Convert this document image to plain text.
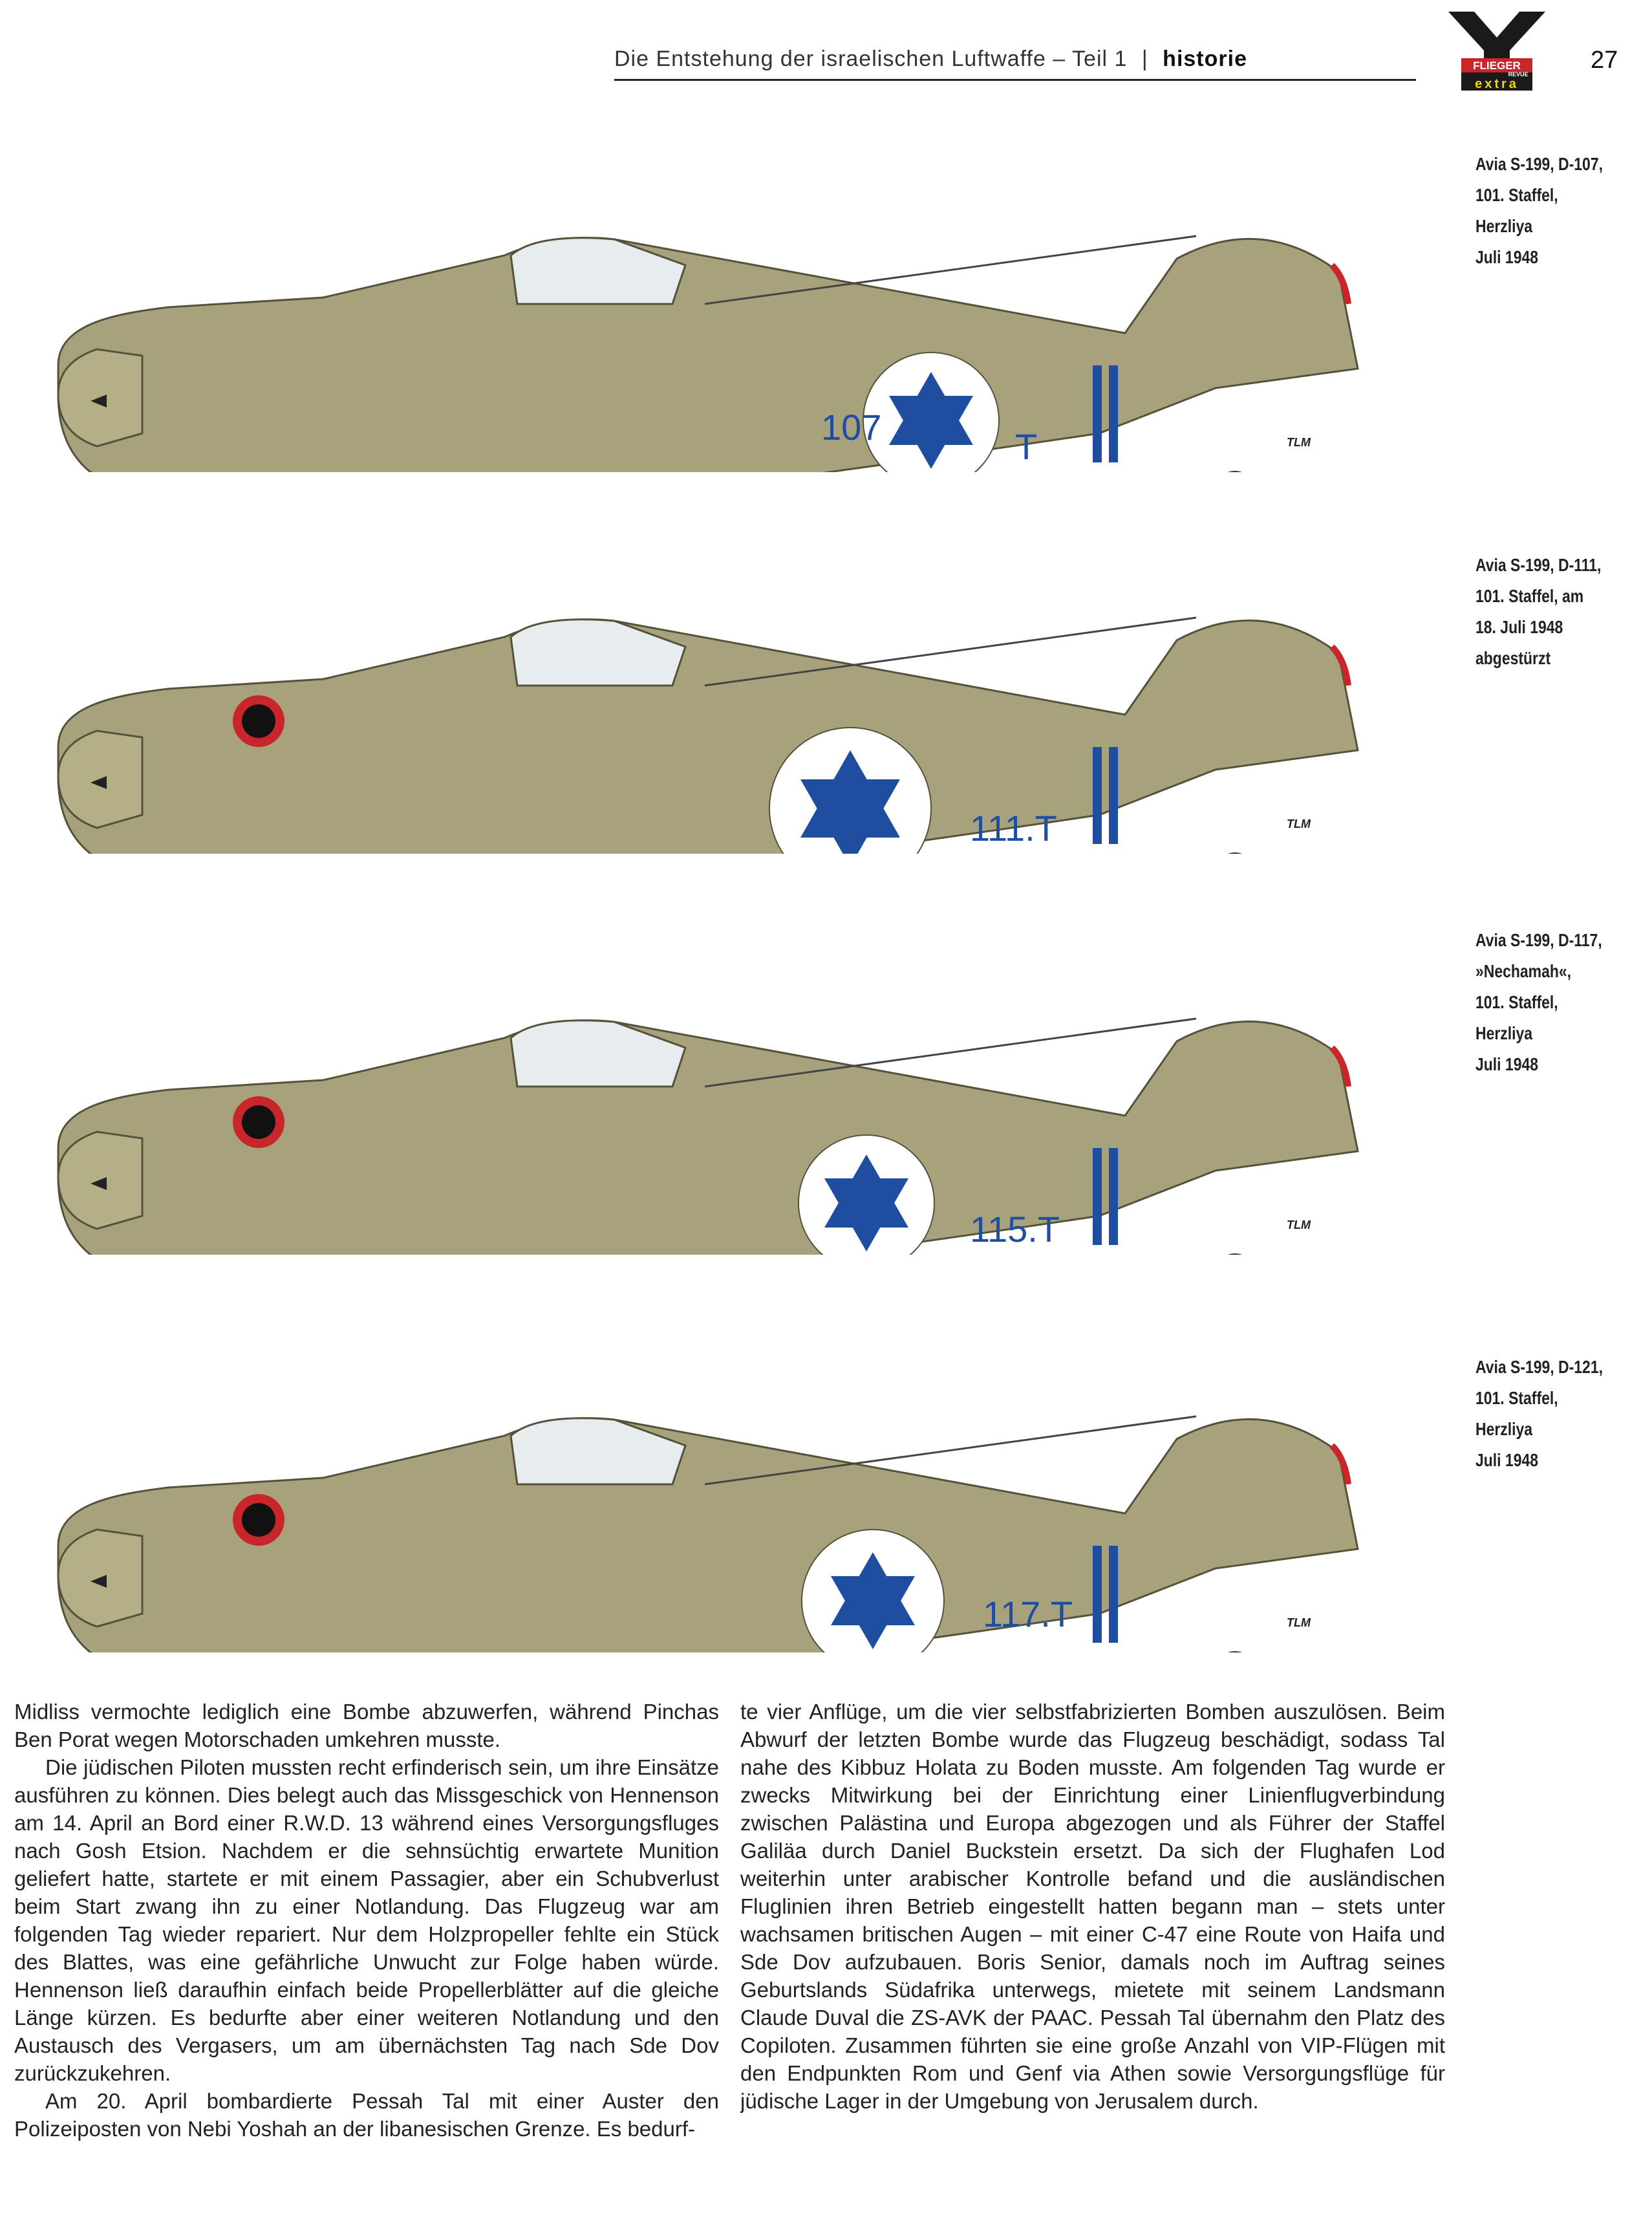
Die Entstehung der israelischen Luftwaffe – Teil 1 | historie	FLIEGER
REVUE
extra
27
107	T	TLM
Avia S-199, D-107,
101. Staffel,
Herzliya
Juli 1948
111.T	TLM
Avia S-199, D-111,
101. Staffel, am
18. Juli 1948
abgestürzt
115.T	TLM
Avia S-199, D-117,
»Nechamah«,
101. Staffel,
Herzliya
Juli 1948
117.T	TLM
Avia S-199, D-121,
101. Staffel,
Herzliya
Juli 1948

Midliss vermochte lediglich eine Bombe abzuwerfen, während Pinchas Ben Porat wegen Motorschaden umkehren musste.

Die jüdischen Piloten mussten recht erfinderisch sein, um ihre Einsätze ausführen zu können. Dies belegt auch das Missgeschick von Hennenson am 14. April an Bord einer R.W.D. 13 während eines Versorgungsfluges nach Gosh Etsion. Nachdem er die sehnsüchtig erwartete Munition geliefert hatte, startete er mit einem Passagier, aber ein Schubverlust beim Start zwang ihn zu einer Notlandung. Das Flugzeug war am folgenden Tag wieder repariert. Nur dem Holzpropeller fehlte ein Stück des Blattes, was eine gefährliche Unwucht zur Folge haben würde. Hennenson ließ daraufhin einfach beide Propellerblätter auf die gleiche Länge kürzen. Es bedurfte aber einer weiteren Notlandung und den Austausch des Vergasers, um am übernächsten Tag nach Sde Dov zurückzukehren.

Am 20. April bombardierte Pessah Tal mit einer Auster den Polizeiposten von Nebi Yoshah an der libanesischen Grenze. Es bedurf-

te vier Anflüge, um die vier selbstfabrizierten Bomben auszulösen. Beim Abwurf der letzten Bombe wurde das Flugzeug beschädigt, sodass Tal nahe des Kibbuz Holata zu Boden musste. Am folgenden Tag wurde er zwecks Mitwirkung bei der Einrichtung einer Linienflugverbindung zwischen Palästina und Europa abgezogen und als Führer der Staffel Galiläa durch Daniel Buckstein ersetzt. Da sich der Flughafen Lod weiterhin unter arabischer Kontrolle befand und die ausländischen Fluglinien ihren Betrieb eingestellt hatten begann man – stets unter wachsamen britischen Augen – mit einer C-47 eine Route von Haifa und Sde Dov aufzubauen. Boris Senior, damals noch im Auftrag seines Geburtslands Südafrika unterwegs, mietete mit seinem Landsmann Claude Duval die ZS-AVK der PAAC. Pessah Tal übernahm den Platz des Copiloten. Zusammen führten sie eine große Anzahl von VIP-Flügen mit den Endpunkten Rom und Genf via Athen sowie Versorgungsflüge für jüdische Lager in der Umgebung von Jerusalem durch.
